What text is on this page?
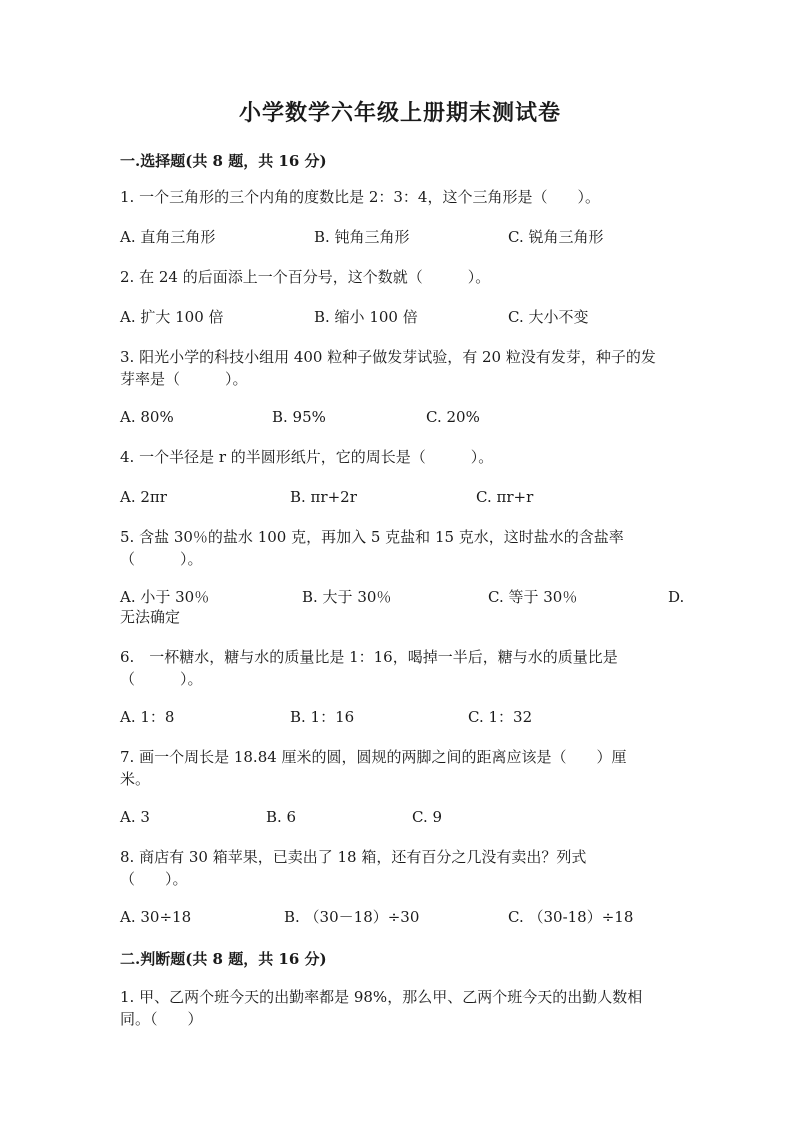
小学数学六年级上册期末测试卷
一.选择题(共 8 题，共 16 分)
1. 一个三角形的三个内角的度数比是 2：3：4，这个三角形是（　　）。
A. 直角三角形	B. 钝角三角形	C. 锐角三角形
2. 在 24 的后面添上一个百分号，这个数就（　　　）。
A. 扩大 100 倍	B. 缩小 100 倍	C. 大小不变
3. 阳光小学的科技小组用 400 粒种子做发芽试验，有 20 粒没有发芽，种子的发
芽率是（　　　）。
A. 80%	B. 95%	C. 20%
4. 一个半径是 r 的半圆形纸片，它的周长是（　　　）。
A. 2πr	B. πr+2r	C. πr+r
5. 含盐 30％的盐水 100 克，再加入 5 克盐和 15 克水，这时盐水的含盐率
（　　　）。
A. 小于 30％	B. 大于 30％	C. 等于 30％	D.
无法确定
6.　一杯糖水，糖与水的质量比是 1：16，喝掉一半后，糖与水的质量比是
（　　　）。
A. 1：8	B. 1：16	C. 1：32
7. 画一个周长是 18.84 厘米的圆，圆规的两脚之间的距离应该是（　　）厘
米。
A. 3	B. 6	C. 9
8. 商店有 30 箱苹果，已卖出了 18 箱，还有百分之几没有卖出？列式
（　　）。
A. 30÷18	B. （30－18）÷30	C. （30-18）÷18
二.判断题(共 8 题，共 16 分)
1. 甲、乙两个班今天的出勤率都是 98%，那么甲、乙两个班今天的出勤人数相
同。（　　）
